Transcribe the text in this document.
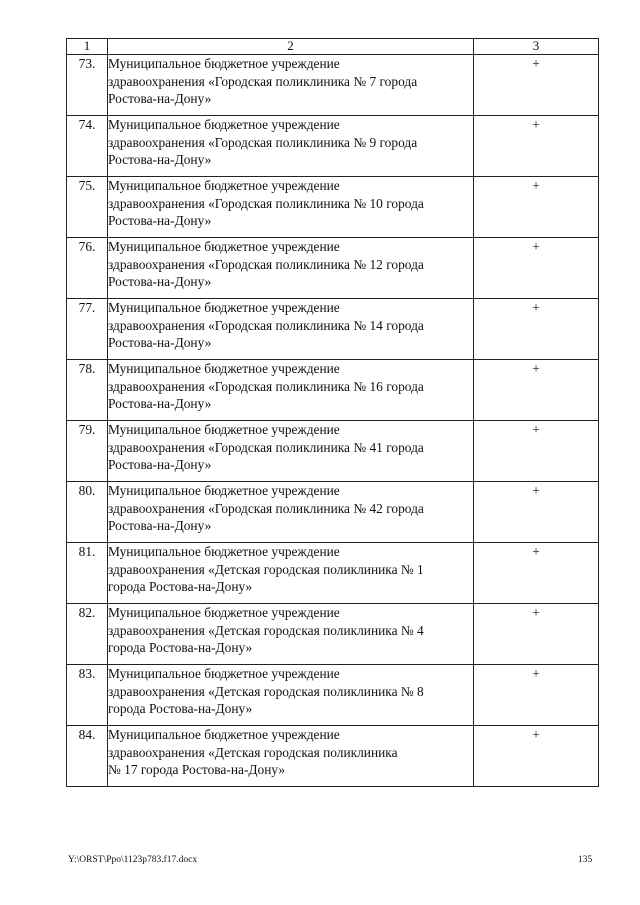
1	2	3
73.	Муниципальное бюджетное учреждение
здравоохранения «Городская поликлиника № 7 города
Ростова-на-Дону»	+
74.	Муниципальное бюджетное учреждение
здравоохранения «Городская поликлиника № 9 города
Ростова-на-Дону»	+
75.	Муниципальное бюджетное учреждение
здравоохранения «Городская поликлиника № 10 города
Ростова-на-Дону»	+
76.	Муниципальное бюджетное учреждение
здравоохранения «Городская поликлиника № 12 города
Ростова-на-Дону»	+
77.	Муниципальное бюджетное учреждение
здравоохранения «Городская поликлиника № 14 города
Ростова-на-Дону»	+
78.	Муниципальное бюджетное учреждение
здравоохранения «Городская поликлиника № 16 города
Ростова-на-Дону»	+
79.	Муниципальное бюджетное учреждение
здравоохранения «Городская поликлиника № 41 города
Ростова-на-Дону»	+
80.	Муниципальное бюджетное учреждение
здравоохранения «Городская поликлиника № 42 города
Ростова-на-Дону»	+
81.	Муниципальное бюджетное учреждение
здравоохранения «Детская городская поликлиника № 1
города Ростова-на-Дону»	+
82.	Муниципальное бюджетное учреждение
здравоохранения «Детская городская поликлиника № 4
города Ростова-на-Дону»	+
83.	Муниципальное бюджетное учреждение
здравоохранения «Детская городская поликлиника № 8
города Ростова-на-Дону»	+
84.	Муниципальное бюджетное учреждение
здравоохранения «Детская городская поликлиника
№ 17 города Ростова-на-Дону»	+
Y:\ORST\Ppo\1123p783.f17.docx	135
